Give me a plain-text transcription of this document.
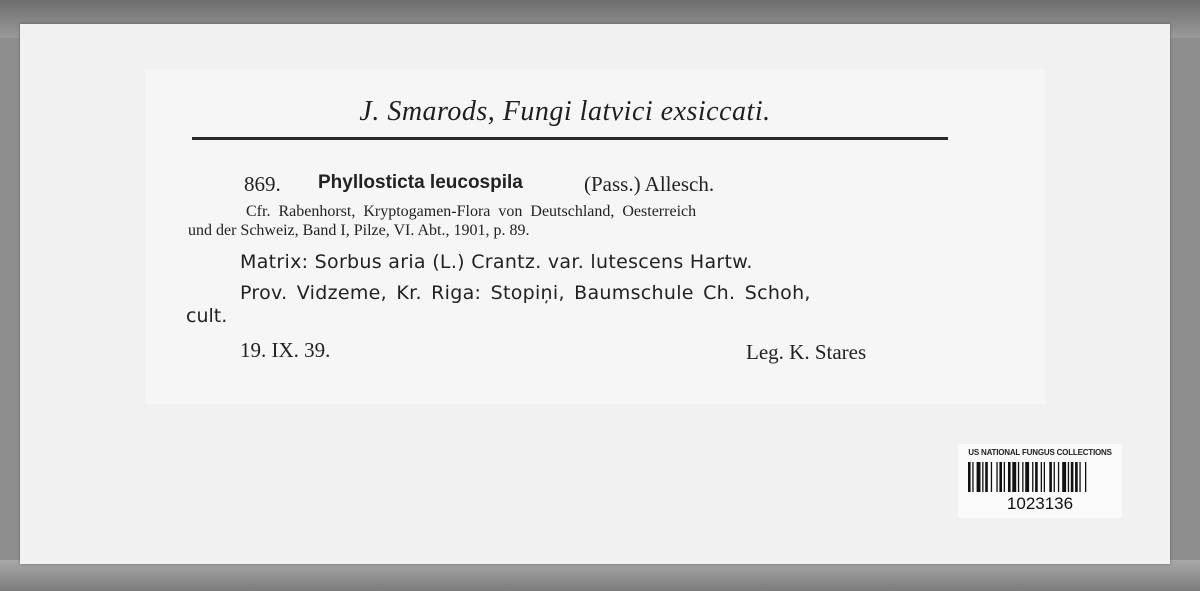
J. Smarods, Fungi latvici exsiccati.
869. Phyllosticta leucospila	(Pass.) Allesch.
Cfr. Rabenhorst, Kryptogamen-Flora von Deutschland, Oesterreich
und der Schweiz, Band I, Pilze, VI. Abt., 1901, p. 89.
Matrix: Sorbus aria (L.) Crantz. var. lutescens Hartw.
Prov. Vidzeme, Kr. Riga: Stopiņi, Baumschule Ch. Schoh,
cult.
19. IX. 39.	Leg. K. Stares
US NATIONAL FUNGUS COLLECTIONS
1023136
